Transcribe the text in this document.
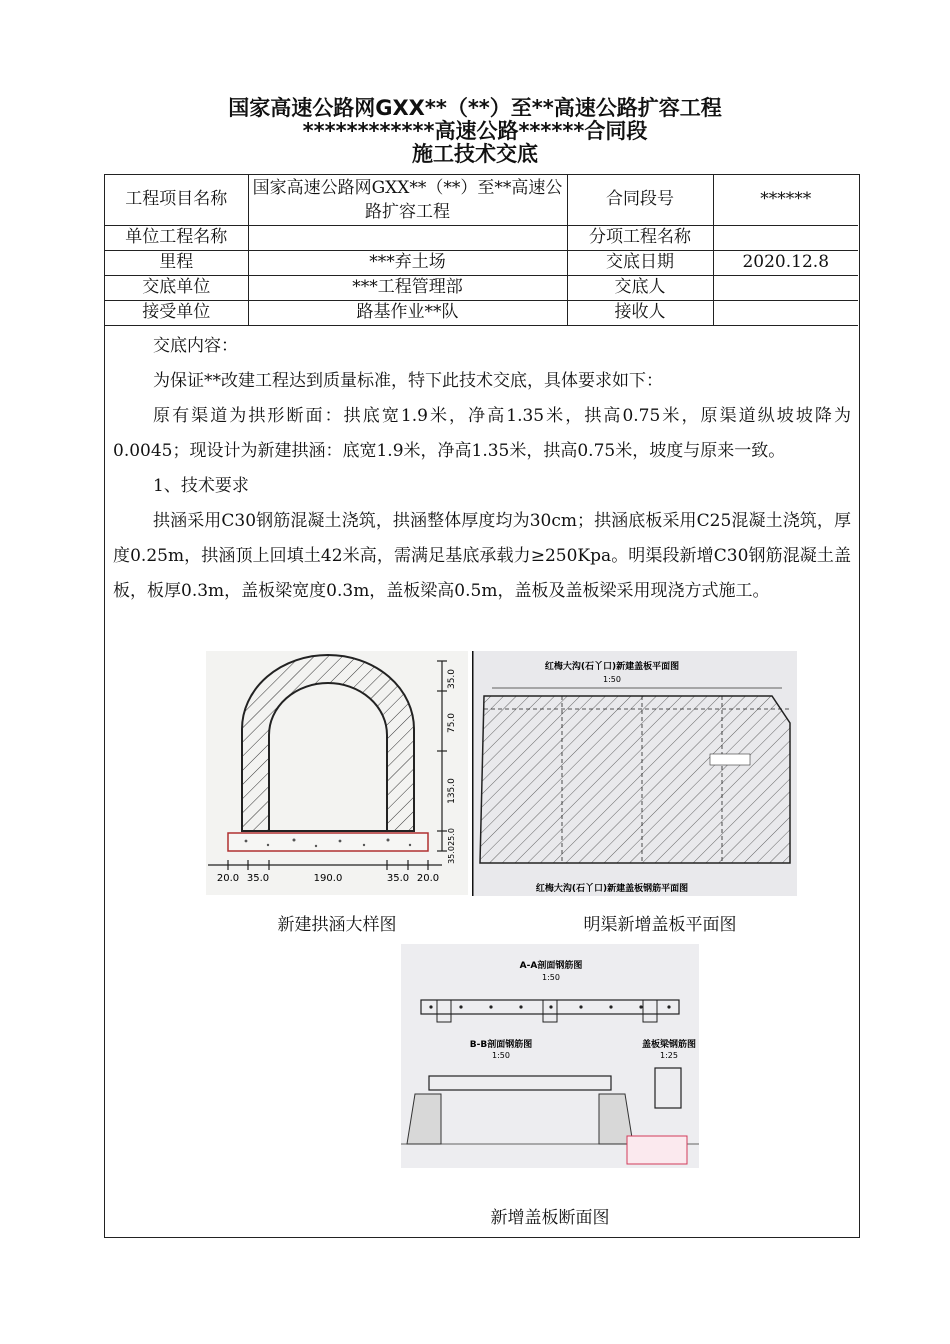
国家高速公路网GXX**（**）至**高速公路扩容工程
************高速公路******合同段
施工技术交底
工程项目名称	国家高速公路网GXX**（**）至**高速公路扩容工程	合同段号	******
单位工程名称		分项工程名称	
里程	***弃土场	交底日期	2020.12.8
交底单位	***工程管理部	交底人	
接受单位	路基作业**队	接收人	

交底内容：

为保证**改建工程达到质量标准，特下此技术交底，具体要求如下：

原有渠道为拱形断面：拱底宽1.9米，净高1.35米，拱高0.75米，原渠道纵坡坡降为0.0045；现设计为新建拱涵：底宽1.9米，净高1.35米，拱高0.75米，坡度与原来一致。

1、技术要求

拱涵采用C30钢筋混凝土浇筑，拱涵整体厚度均为30cm；拱涵底板采用C25混凝土浇筑，厚度0.25m，拱涵顶上回填土42米高，需满足基底承载力≥250Kpa。明渠段新增C30钢筋混凝土盖板，板厚0.3m，盖板梁宽度0.3m，盖板梁高0.5m，盖板及盖板梁采用现浇方式施工。

35.0
75.0
135.0
25.0
35.0
20.0 35.0	190.0	35.0 20.0
红梅大沟(石丫口)新建盖板平面图
1:50
红梅大沟(石丫口)新建盖板钢筋平面图
新建拱涵大样图	明渠新增盖板平面图
A-A剖面钢筋图
1:50
B-B剖面钢筋图
1:50
盖板梁钢筋图
1:25
新增盖板断面图
